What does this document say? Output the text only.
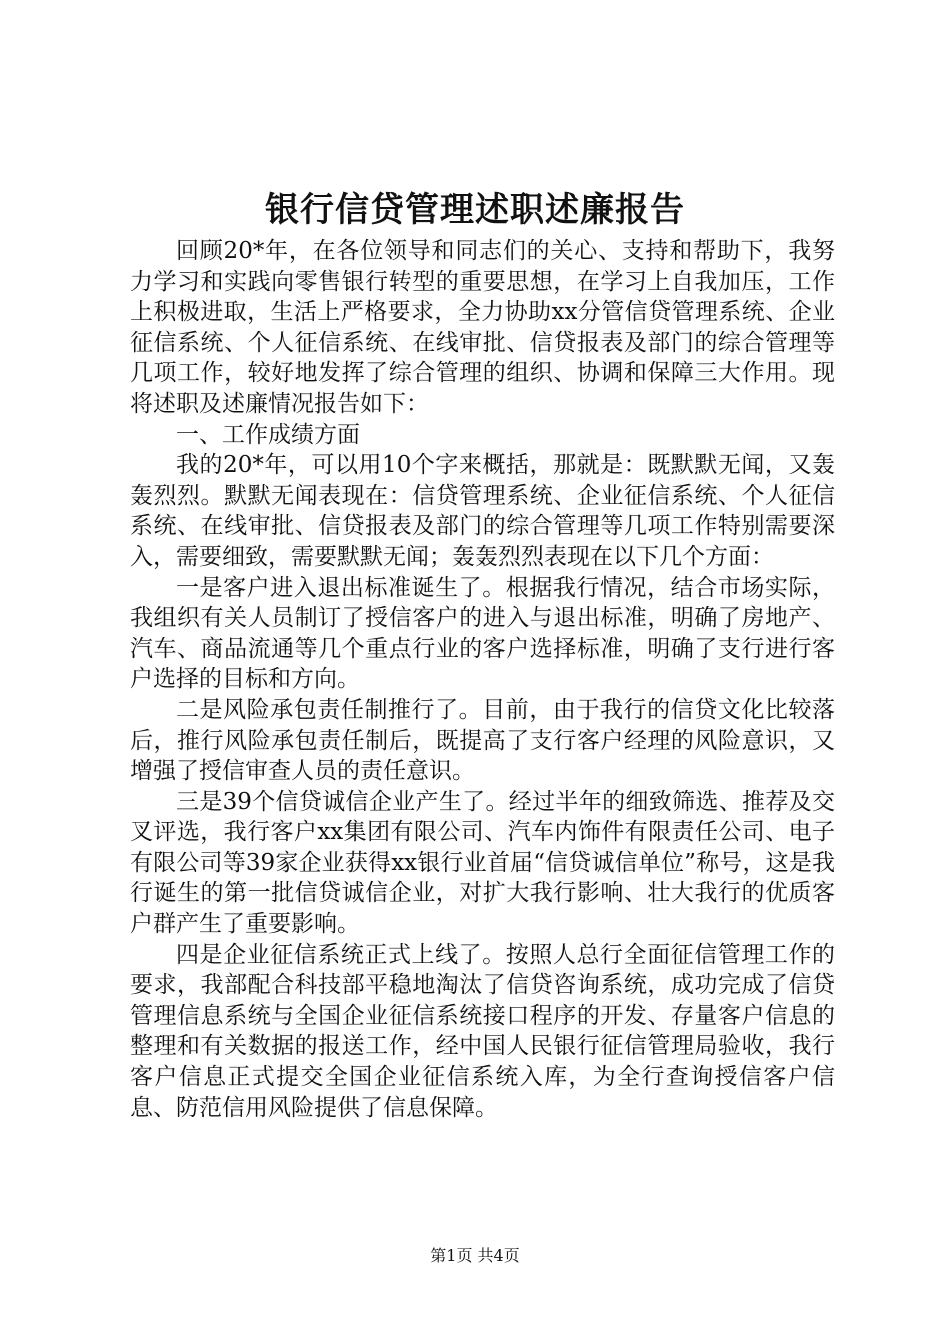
银行信贷管理述职述廉报告

回顾20*年，在各位领导和同志们的关心、支持和帮助下，我努力学习和实践向零售银行转型的重要思想，在学习上自我加压，工作上积极进取，生活上严格要求，全力协助xx分管信贷管理系统、企业征信系统、个人征信系统、在线审批、信贷报表及部门的综合管理等几项工作，较好地发挥了综合管理的组织、协调和保障三大作用。现将述职及述廉情况报告如下：

一、工作成绩方面

我的20*年，可以用10个字来概括，那就是：既默默无闻，又轰轰烈烈。默默无闻表现在：信贷管理系统、企业征信系统、个人征信系统、在线审批、信贷报表及部门的综合管理等几项工作特别需要深入，需要细致，需要默默无闻；轰轰烈烈表现在以下几个方面：

一是客户进入退出标准诞生了。根据我行情况，结合市场实际，我组织有关人员制订了授信客户的进入与退出标准，明确了房地产、汽车、商品流通等几个重点行业的客户选择标准，明确了支行进行客户选择的目标和方向。

二是风险承包责任制推行了。目前，由于我行的信贷文化比较落后，推行风险承包责任制后，既提高了支行客户经理的风险意识，又增强了授信审查人员的责任意识。

三是39个信贷诚信企业产生了。经过半年的细致筛选、推荐及交叉评选，我行客户xx集团有限公司、汽车内饰件有限责任公司、电子有限公司等39家企业获得xx银行业首届“信贷诚信单位”称号，这是我行诞生的第一批信贷诚信企业，对扩大我行影响、壮大我行的优质客户群产生了重要影响。

四是企业征信系统正式上线了。按照人总行全面征信管理工作的要求，我部配合科技部平稳地淘汰了信贷咨询系统，成功完成了信贷管理信息系统与全国企业征信系统接口程序的开发、存量客户信息的整理和有关数据的报送工作，经中国人民银行征信管理局验收，我行客户信息正式提交全国企业征信系统入库，为全行查询授信客户信息、防范信用风险提供了信息保障。

第1页 共4页
